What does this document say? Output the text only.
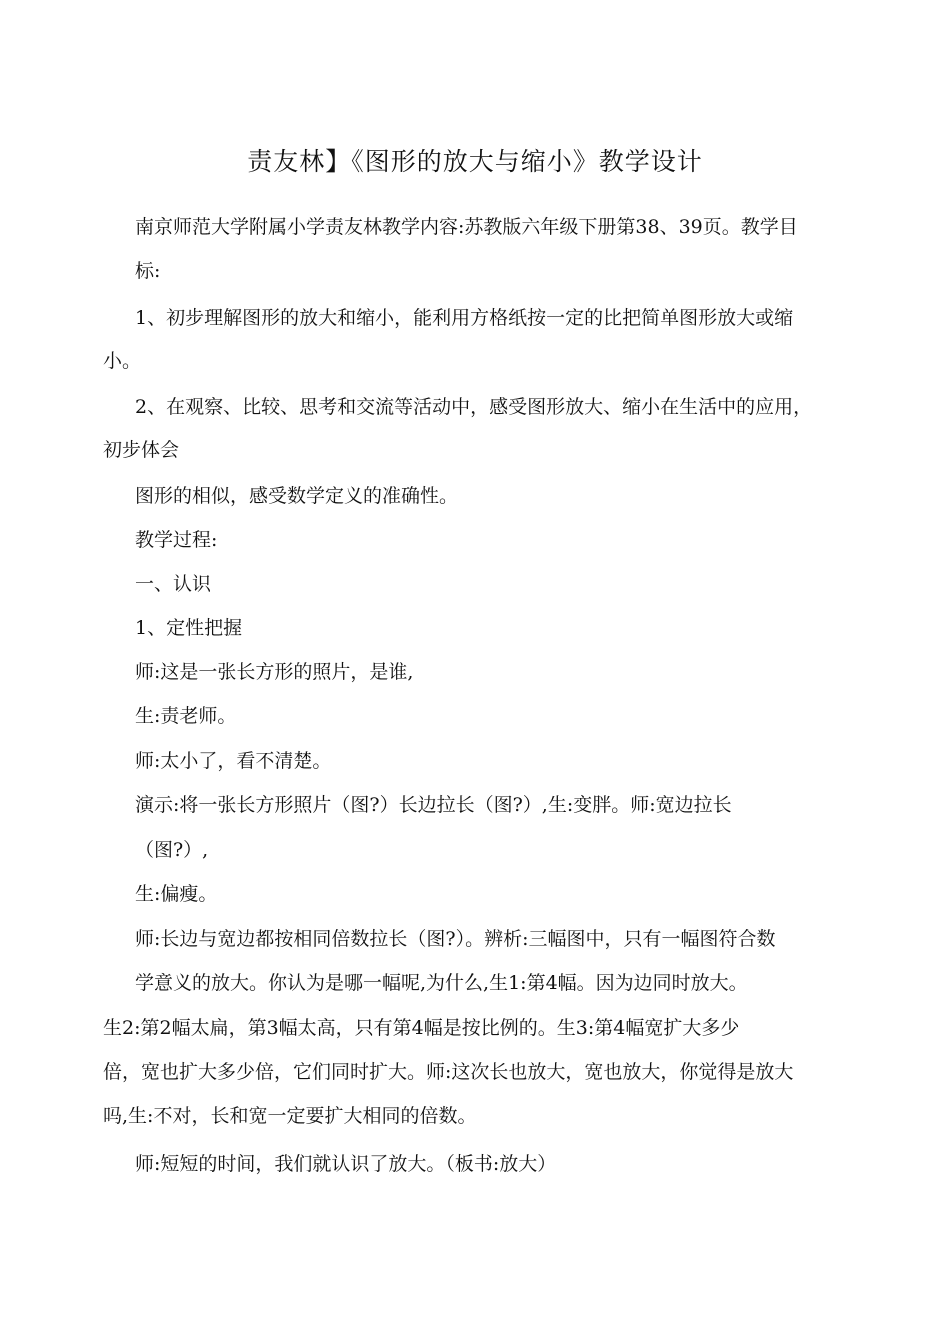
责友林】《图形的放大与缩小》教学设计
南京师范大学附属小学责友林教学内容:苏教版六年级下册第38、39页。教学目
标:
1、初步理解图形的放大和缩小，能利用方格纸按一定的比把简单图形放大或缩
小。
2、在观察、比较、思考和交流等活动中，感受图形放大、缩小在生活中的应用，
初步体会
图形的相似，感受数学定义的准确性。
教学过程:
一、认识
1、定性把握
师:这是一张长方形的照片，是谁,
生:责老师。
师:太小了，看不清楚。
演示:将一张长方形照片（图?）长边拉长（图?）,生:变胖。师:宽边拉长
（图?）,
生:偏瘦。
师:长边与宽边都按相同倍数拉长（图?）。辨析:三幅图中，只有一幅图符合数
学意义的放大。你认为是哪一幅呢,为什么,生1:第4幅。因为边同时放大。
生2:第2幅太扁，第3幅太高，只有第4幅是按比例的。生3:第4幅宽扩大多少
倍，宽也扩大多少倍，它们同时扩大。师:这次长也放大，宽也放大，你觉得是放大
吗,生:不对，长和宽一定要扩大相同的倍数。
师:短短的时间，我们就认识了放大。（板书:放大）
